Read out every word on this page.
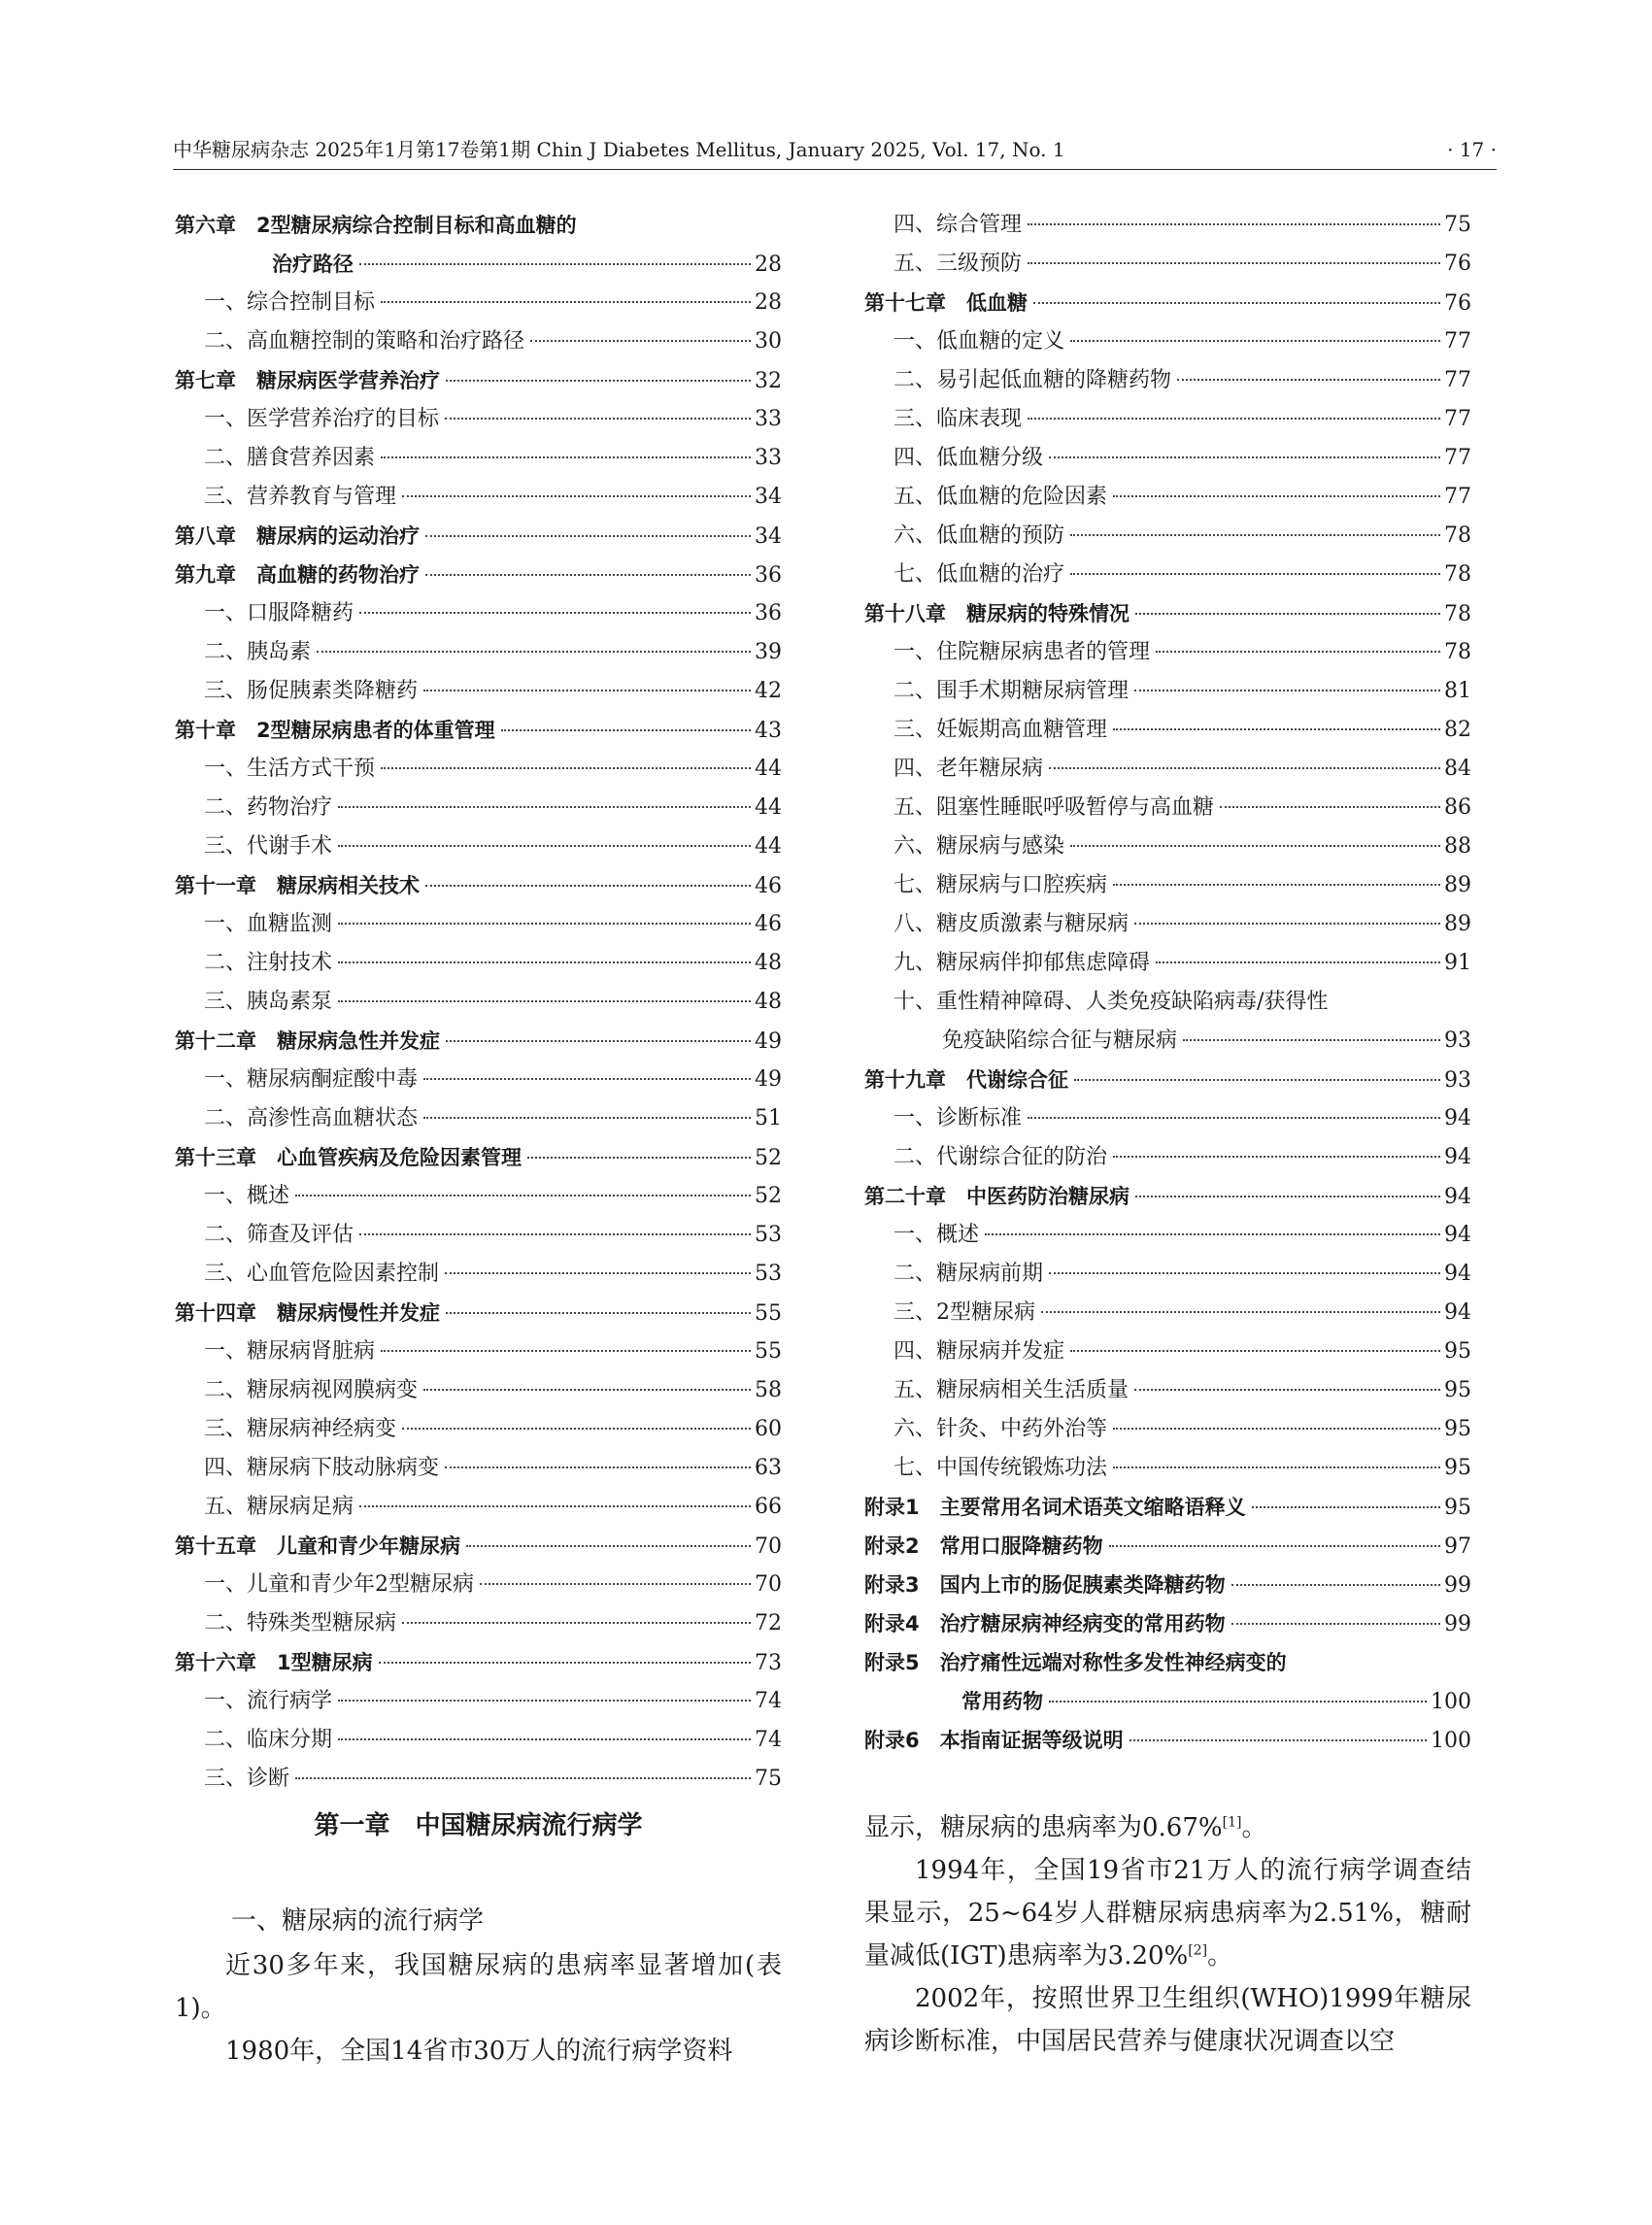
中华糖尿病杂志 2025年1月第17卷第1期 Chin J Diabetes Mellitus, January 2025, Vol. 17, No. 1	· 17 ·
第六章　2型糖尿病综合控制目标和高血糖的
治疗路径	28
一、综合控制目标	28
二、高血糖控制的策略和治疗路径	30
第七章　糖尿病医学营养治疗	32
一、医学营养治疗的目标	33
二、膳食营养因素	33
三、营养教育与管理	34
第八章　糖尿病的运动治疗	34
第九章　高血糖的药物治疗	36
一、口服降糖药	36
二、胰岛素	39
三、肠促胰素类降糖药	42
第十章　2型糖尿病患者的体重管理	43
一、生活方式干预	44
二、药物治疗	44
三、代谢手术	44
第十一章　糖尿病相关技术	46
一、血糖监测	46
二、注射技术	48
三、胰岛素泵	48
第十二章　糖尿病急性并发症	49
一、糖尿病酮症酸中毒	49
二、高渗性高血糖状态	51
第十三章　心血管疾病及危险因素管理	52
一、概述	52
二、筛查及评估	53
三、心血管危险因素控制	53
第十四章　糖尿病慢性并发症	55
一、糖尿病肾脏病	55
二、糖尿病视网膜病变	58
三、糖尿病神经病变	60
四、糖尿病下肢动脉病变	63
五、糖尿病足病	66
第十五章　儿童和青少年糖尿病	70
一、儿童和青少年2型糖尿病	70
二、特殊类型糖尿病	72
第十六章　1型糖尿病	73
一、流行病学	74
二、临床分期	74
三、诊断	75
四、综合管理	75
五、三级预防	76
第十七章　低血糖	76
一、低血糖的定义	77
二、易引起低血糖的降糖药物	77
三、临床表现	77
四、低血糖分级	77
五、低血糖的危险因素	77
六、低血糖的预防	78
七、低血糖的治疗	78
第十八章　糖尿病的特殊情况	78
一、住院糖尿病患者的管理	78
二、围手术期糖尿病管理	81
三、妊娠期高血糖管理	82
四、老年糖尿病	84
五、阻塞性睡眠呼吸暂停与高血糖	86
六、糖尿病与感染	88
七、糖尿病与口腔疾病	89
八、糖皮质激素与糖尿病	89
九、糖尿病伴抑郁焦虑障碍	91
十、重性精神障碍、人类免疫缺陷病毒/获得性
免疫缺陷综合征与糖尿病	93
第十九章　代谢综合征	93
一、诊断标准	94
二、代谢综合征的防治	94
第二十章　中医药防治糖尿病	94
一、概述	94
二、糖尿病前期	94
三、2型糖尿病	94
四、糖尿病并发症	95
五、糖尿病相关生活质量	95
六、针灸、中药外治等	95
七、中国传统锻炼功法	95
附录1　主要常用名词术语英文缩略语释义	95
附录2　常用口服降糖药物	97
附录3　国内上市的肠促胰素类降糖药物	99
附录4　治疗糖尿病神经病变的常用药物	99
附录5　治疗痛性远端对称性多发性神经病变的
常用药物	100
附录6　本指南证据等级说明	100
第一章　中国糖尿病流行病学
一、糖尿病的流行病学

近30多年来，我国糖尿病的患病率显著增加(表1)。

1980年，全国14省市30万人的流行病学资料

显示，糖尿病的患病率为0.67%[1]。

1994年，全国19省市21万人的流行病学调查结果显示，25~64岁人群糖尿病患病率为2.51%，糖耐量减低(IGT)患病率为3.20%[2]。

2002年，按照世界卫生组织(WHO)1999年糖尿病诊断标准，中国居民营养与健康状况调查以空
